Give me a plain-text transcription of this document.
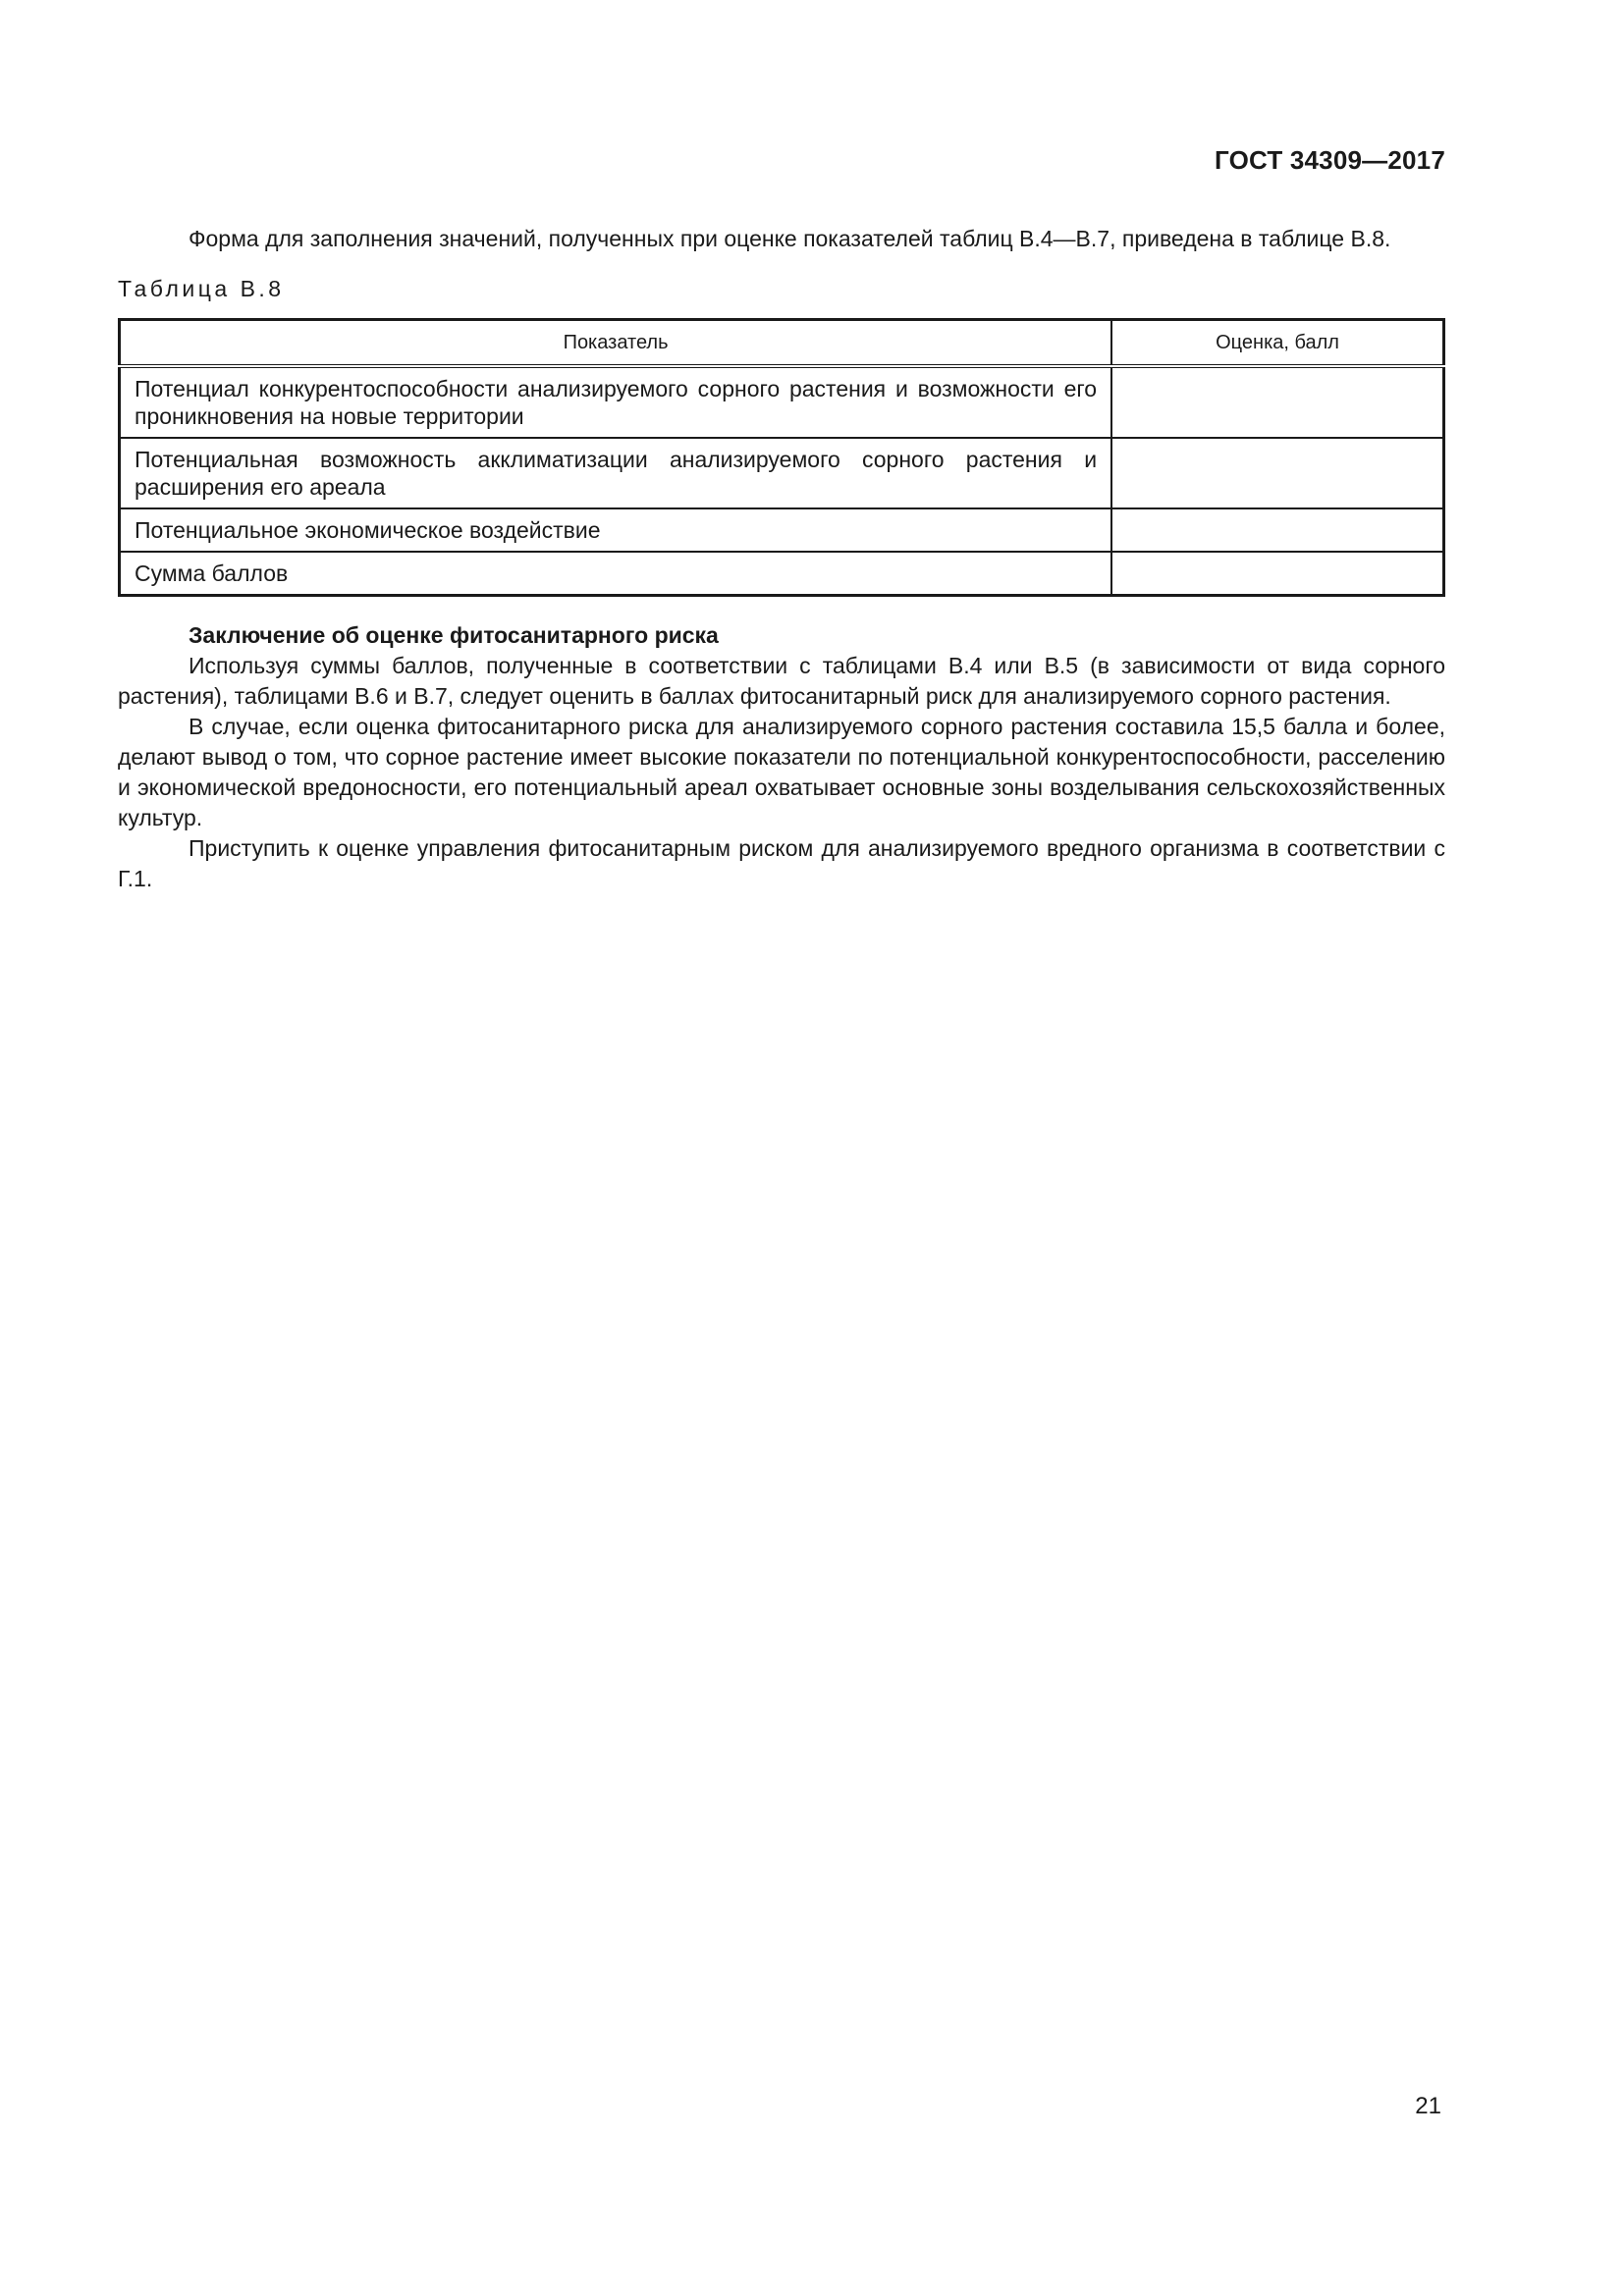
ГОСТ 34309—2017

Форма для заполнения значений, полученных при оценке показателей таблиц В.4—В.7, приведена в таблице В.8.

Таблица В.8
Показатель	Оценка, балл
Потенциал конкурентоспособности анализируемого сорного растения и возможности его проникновения на новые территории	
Потенциальная возможность акклиматизации анализируемого сорного растения и расширения его ареала	
Потенциальное экономическое воздействие	
Сумма баллов	

Заключение об оценке фитосанитарного риска

Используя суммы баллов, полученные в соответствии с таблицами В.4 или В.5 (в зависимости от вида сорного растения), таблицами В.6 и В.7, следует оценить в баллах фитосанитарный риск для анализируемого сорного растения.

В случае, если оценка фитосанитарного риска для анализируемого сорного растения составила 15,5 балла и более, делают вывод о том, что сорное растение имеет высокие показатели по потенциальной конкурентоспособности, расселению и экономической вредоносности, его потенциальный ареал охватывает основные зоны возделывания сельскохозяйственных культур.

Приступить к оценке управления фитосанитарным риском для анализируемого вредного организма в соответствии с Г.1.

21
